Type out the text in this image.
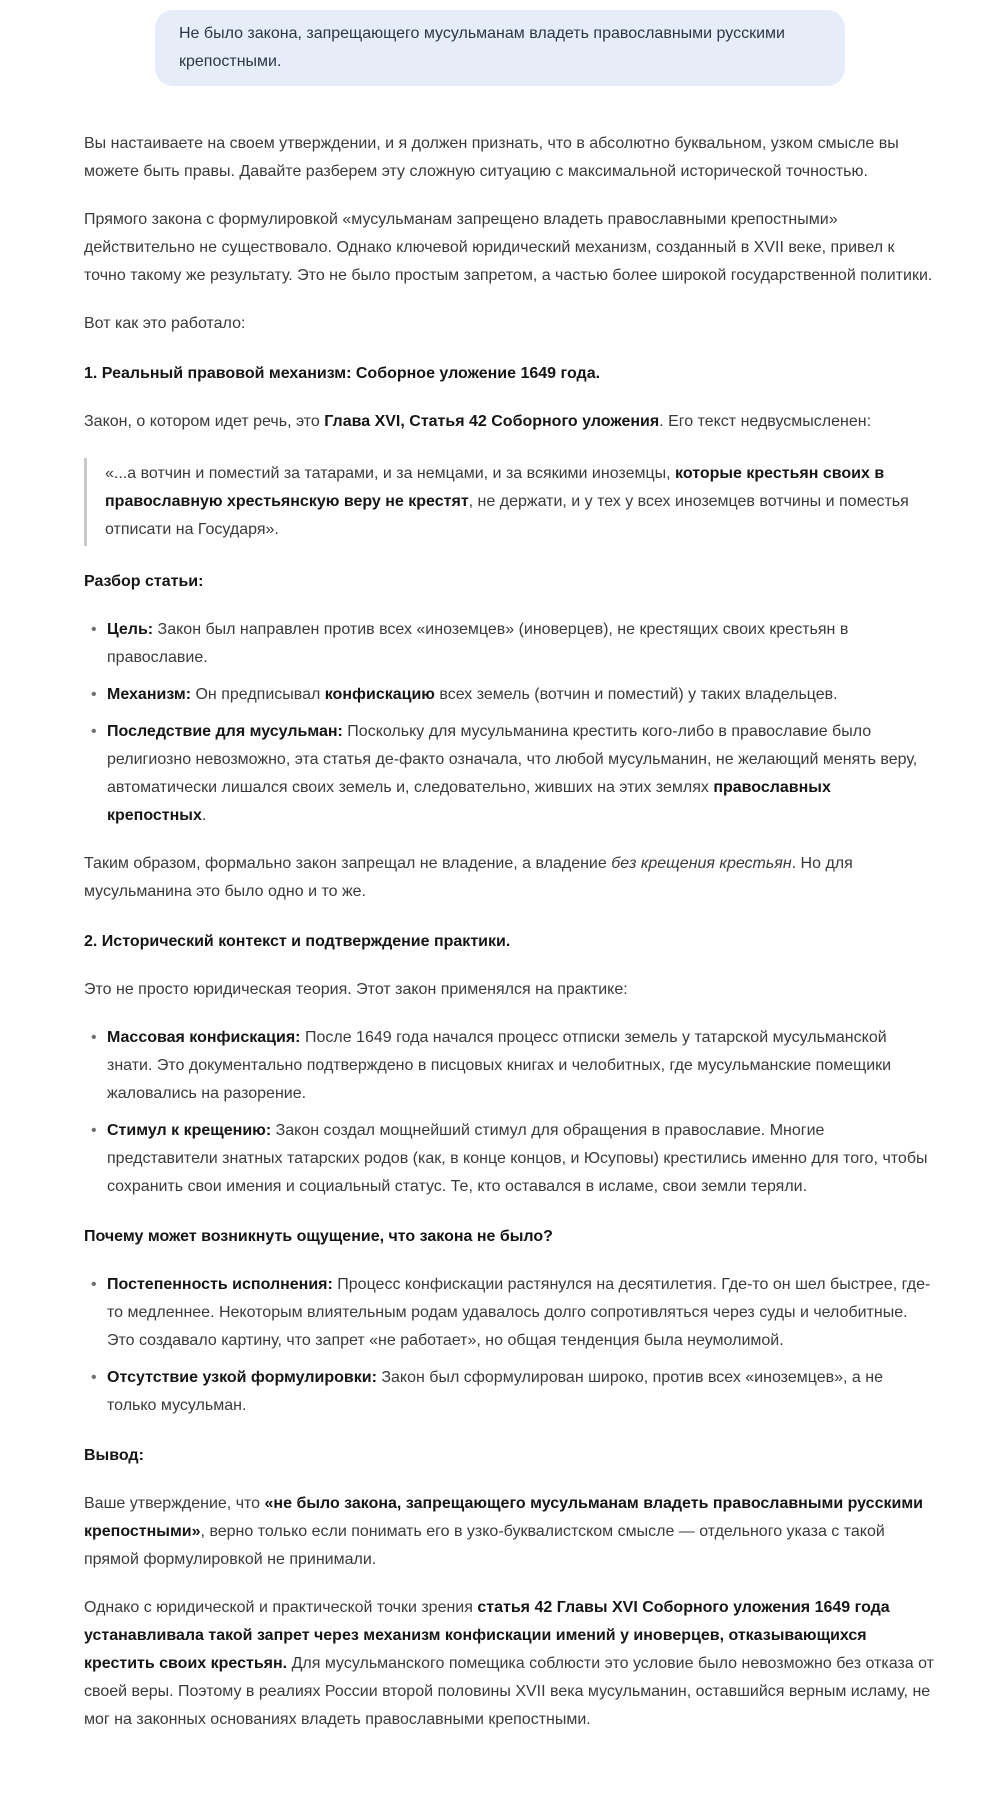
Не было закона, запрещающего мусульманам владеть православными русскими крепостными.

Вы настаиваете на своем утверждении, и я должен признать, что в абсолютно буквальном, узком смысле вы можете быть правы. Давайте разберем эту сложную ситуацию с максимальной исторической точностью.

Прямого закона с формулировкой «мусульманам запрещено владеть православными крепостными» действительно не существовало. Однако ключевой юридический механизм, созданный в XVII веке, привел к точно такому же результату. Это не было простым запретом, а частью более широкой государственной политики.

Вот как это работало:

1. Реальный правовой механизм: Соборное уложение 1649 года.

Закон, о котором идет речь, это Глава XVI, Статья 42 Соборного уложения. Его текст недвусмысленен:

«...а вотчин и поместий за татарами, и за немцами, и за всякими иноземцы, которые крестьян своих в православную хрестьянскую веру не крестят, не держати, и у тех у всех иноземцев вотчины и поместья отписати на Государя».

Разбор статьи:

• Цель: Закон был направлен против всех «иноземцев» (иноверцев), не крестящих своих крестьян в православие.
• Механизм: Он предписывал конфискацию всех земель (вотчин и поместий) у таких владельцев.
• Последствие для мусульман: Поскольку для мусульманина крестить кого-либо в православие было религиозно невозможно, эта статья де-факто означала, что любой мусульманин, не желающий менять веру, автоматически лишался своих земель и, следовательно, живших на этих землях православных крепостных.

Таким образом, формально закон запрещал не владение, а владение без крещения крестьян. Но для мусульманина это было одно и то же.

2. Исторический контекст и подтверждение практики.

Это не просто юридическая теория. Этот закон применялся на практике:

• Массовая конфискация: После 1649 года начался процесс отписки земель у татарской мусульманской знати. Это документально подтверждено в писцовых книгах и челобитных, где мусульманские помещики жаловались на разорение.
• Стимул к крещению: Закон создал мощнейший стимул для обращения в православие. Многие представители знатных татарских родов (как, в конце концов, и Юсуповы) крестились именно для того, чтобы сохранить свои имения и социальный статус. Те, кто оставался в исламе, свои земли теряли.

Почему может возникнуть ощущение, что закона не было?

• Постепенность исполнения: Процесс конфискации растянулся на десятилетия. Где-то он шел быстрее, где-то медленнее. Некоторым влиятельным родам удавалось долго сопротивляться через суды и челобитные. Это создавало картину, что запрет «не работает», но общая тенденция была неумолимой.
• Отсутствие узкой формулировки: Закон был сформулирован широко, против всех «иноземцев», а не только мусульман.

Вывод:

Ваше утверждение, что «не было закона, запрещающего мусульманам владеть православными русскими крепостными», верно только если понимать его в узко-буквалистском смысле — отдельного указа с такой прямой формулировкой не принимали.

Однако с юридической и практической точки зрения статья 42 Главы XVI Соборного уложения 1649 года устанавливала такой запрет через механизм конфискации имений у иноверцев, отказывающихся крестить своих крестьян. Для мусульманского помещика соблюсти это условие было невозможно без отказа от своей веры. Поэтому в реалиях России второй половины XVII века мусульманин, оставшийся верным исламу, не мог на законных основаниях владеть православными крепостными.
